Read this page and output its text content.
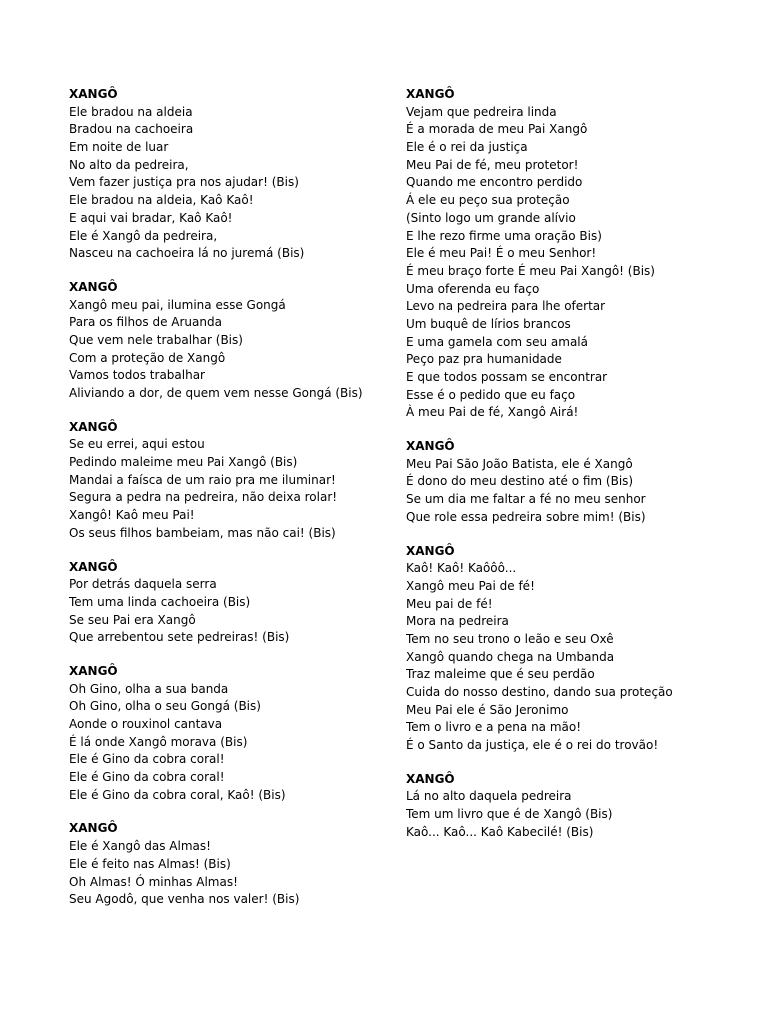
XANGÔ
Ele bradou na aldeia
Bradou na cachoeira
Em noite de luar
No alto da pedreira,
Vem fazer justiça pra nos ajudar! (Bis)
Ele bradou na aldeia, Kaô Kaô!
E aqui vai bradar, Kaô Kaô!
Ele é Xangô da pedreira,
Nasceu na cachoeira lá no juremá (Bis)
XANGÔ
Xangô meu pai, ilumina esse Gongá
Para os filhos de Aruanda
Que vem nele trabalhar (Bis)
Com a proteção de Xangô
Vamos todos trabalhar
Aliviando a dor, de quem vem nesse Gongá (Bis)
XANGÔ
Se eu errei, aqui estou
Pedindo maleime meu Pai Xangô (Bis)
Mandai a faísca de um raio pra me iluminar!
Segura a pedra na pedreira, não deixa rolar!
Xangô! Kaô meu Pai!
Os seus filhos bambeiam, mas não cai! (Bis)
XANGÔ
Por detrás daquela serra
Tem uma linda cachoeira (Bis)
Se seu Pai era Xangô
Que arrebentou sete pedreiras! (Bis)
XANGÔ
Oh Gino, olha a sua banda
Oh Gino, olha o seu Gongá (Bis)
Aonde o rouxinol cantava
É lá onde Xangô morava (Bis)
Ele é Gino da cobra coral!
Ele é Gino da cobra coral!
Ele é Gino da cobra coral, Kaô! (Bis)
XANGÔ
Ele é Xangô das Almas!
Ele é feito nas Almas! (Bis)
Oh Almas! Ó minhas Almas!
Seu Agodô, que venha nos valer! (Bis)
XANGÔ
Vejam que pedreira linda
É a morada de meu Pai Xangô
Ele é o rei da justiça
Meu Pai de fé, meu protetor!
Quando me encontro perdido
Á ele eu peço sua proteção
(Sinto logo um grande alívio
E lhe rezo firme uma oração Bis)
Ele é meu Pai! É o meu Senhor!
É meu braço forte É meu Pai Xangô! (Bis)
Uma oferenda eu faço
Levo na pedreira para lhe ofertar
Um buquê de lírios brancos
E uma gamela com seu amalá
Peço paz pra humanidade
E que todos possam se encontrar
Esse é o pedido que eu faço
À meu Pai de fé, Xangô Airá!
XANGÔ
Meu Pai São João Batista, ele é Xangô
É dono do meu destino até o fim (Bis)
Se um dia me faltar a fé no meu senhor
Que role essa pedreira sobre mim! (Bis)
XANGÔ
Kaô! Kaô! Kaôôô...
Xangô meu Pai de fé!
Meu pai de fé!
Mora na pedreira
Tem no seu trono o leão e seu Oxê
Xangô quando chega na Umbanda
Traz maleime que é seu perdão
Cuida do nosso destino, dando sua proteção
Meu Pai ele é São Jeronimo
Tem o livro e a pena na mão!
É o Santo da justiça, ele é o rei do trovão!
XANGÔ
Lá no alto daquela pedreira
Tem um livro que é de Xangô (Bis)
Kaô... Kaô... Kaô Kabecilé! (Bis)
